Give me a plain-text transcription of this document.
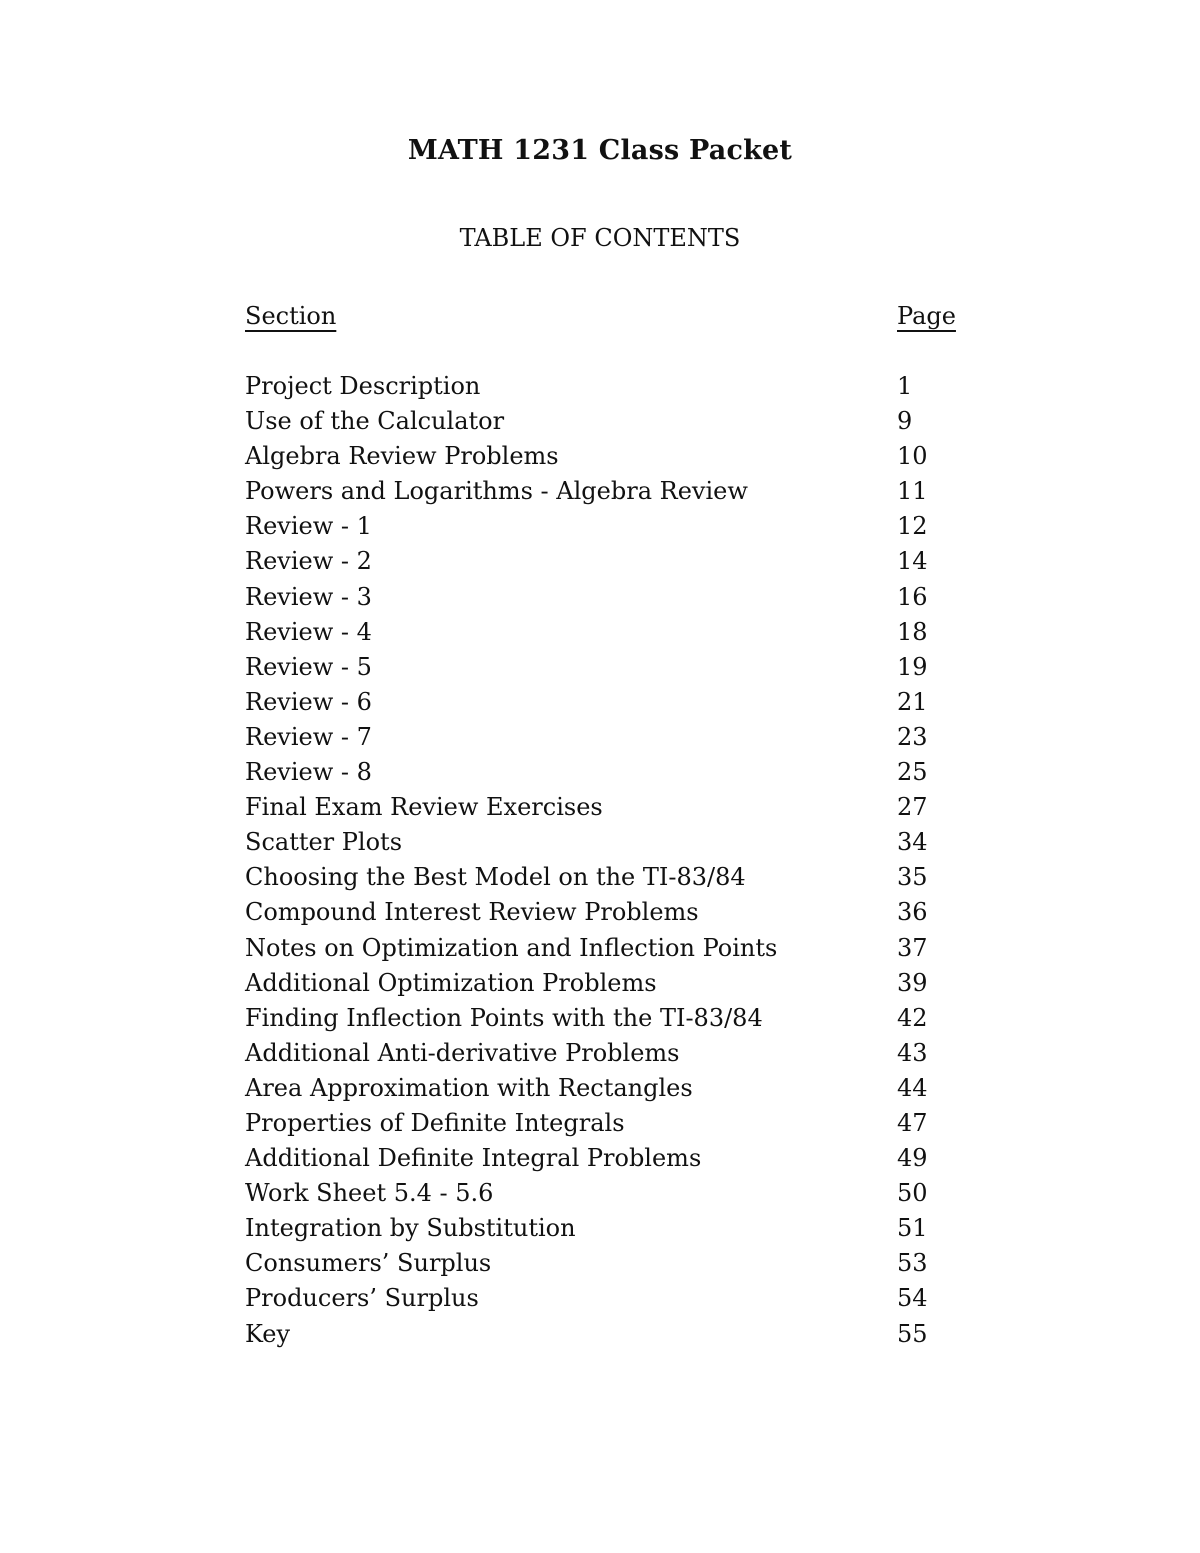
MATH 1231 Class Packet
TABLE OF CONTENTS
Section	Page
Project Description	1
Use of the Calculator	9
Algebra Review Problems	10
Powers and Logarithms - Algebra Review	11
Review - 1	12
Review - 2	14
Review - 3	16
Review - 4	18
Review - 5	19
Review - 6	21
Review - 7	23
Review - 8	25
Final Exam Review Exercises	27
Scatter Plots	34
Choosing the Best Model on the TI-83/84	35
Compound Interest Review Problems	36
Notes on Optimization and Inflection Points	37
Additional Optimization Problems	39
Finding Inflection Points with the TI-83/84	42
Additional Anti-derivative Problems	43
Area Approximation with Rectangles	44
Properties of Definite Integrals	47
Additional Definite Integral Problems	49
Work Sheet 5.4 - 5.6	50
Integration by Substitution	51
Consumers’ Surplus	53
Producers’ Surplus	54
Key	55
